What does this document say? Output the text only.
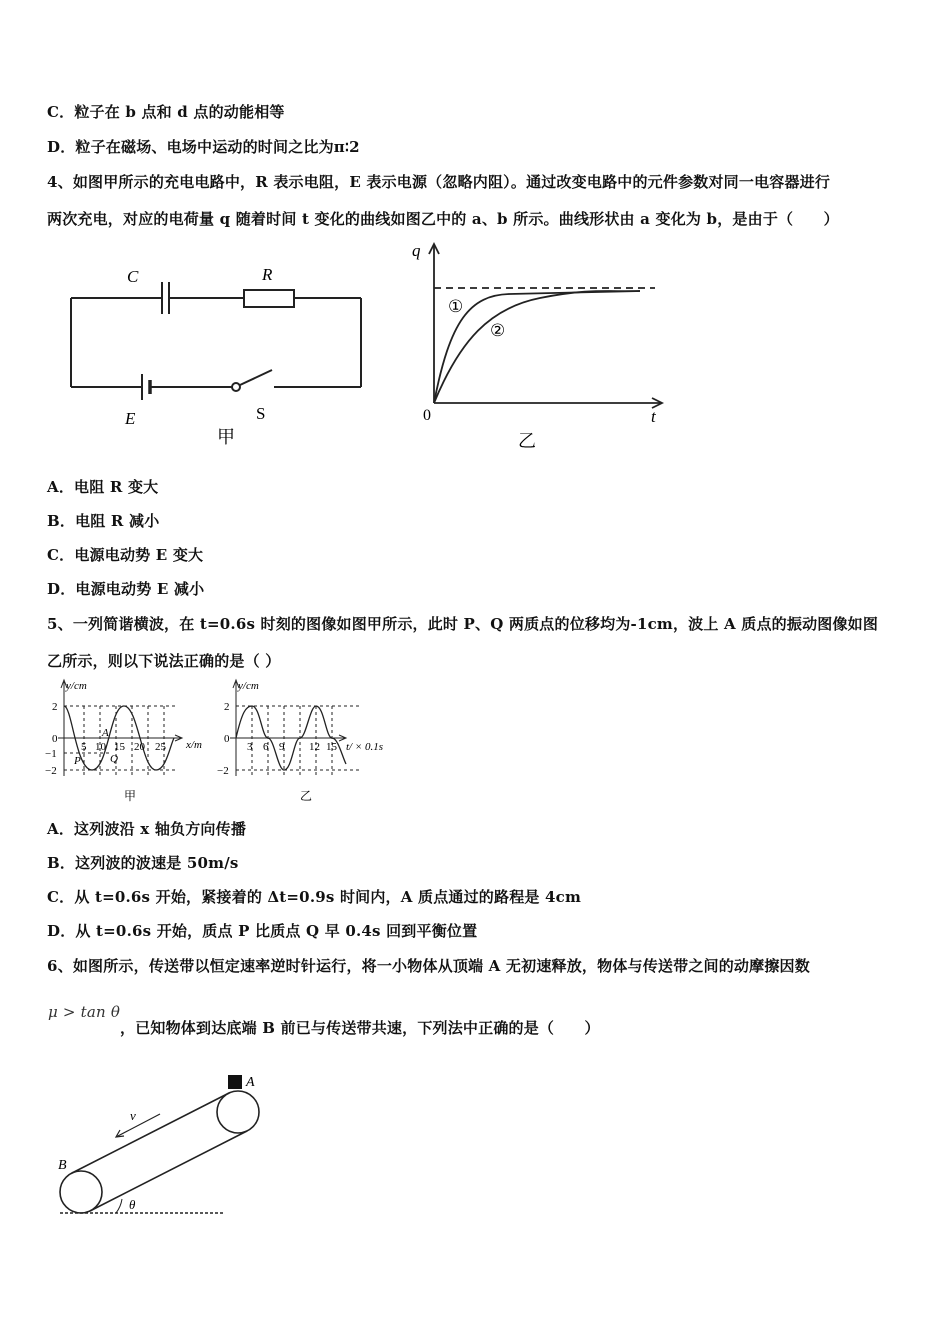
C．粒子在 b 点和 d 点的动能相等
D．粒子在磁场、电场中运动的时间之比为π∶2
4、如图甲所示的充电电路中，R 表示电阻，E 表示电源（忽略内阻）。通过改变电路中的元件参数对同一电容器进行
两次充电，对应的电荷量 q 随着时间 t 变化的曲线如图乙中的 a、b 所示。曲线形状由 a 变化为 b，是由于（　　）
C	R
E	S
甲
q
t
0
①
②
乙
A．电阻 R 变大
B．电阻 R 减小
C．电源电动势 E 变大
D．电源电动势 E 减小
5、一列简谐横波，在 t=0.6s 时刻的图像如图甲所示，此时 P、Q 两质点的位移均为-1cm，波上 A 质点的振动图像如图
乙所示，则以下说法正确的是（ ）
y/cm
x/m
2
0
−1
−2
5 10 15 20 25
A
P	Q
甲
y/cm
t/ × 0.1s
2
0
−2
3 6 9 12 15
乙
A．这列波沿 x 轴负方向传播
B．这列波的波速是 50m/s
C．从 t=0.6s 开始，紧接着的 Δt=0.9s 时间内，A 质点通过的路程是 4cm
D．从 t=0.6s 开始，质点 P 比质点 Q 早 0.4s 回到平衡位置
6、如图所示，传送带以恒定速率逆时针运行，将一小物体从顶端 A 无初速释放，物体与传送带之间的动摩擦因数
μ > tan θ
，已知物体到达底端 B 前已与传送带共速，下列法中正确的是（　　）
A
B
v
θ
